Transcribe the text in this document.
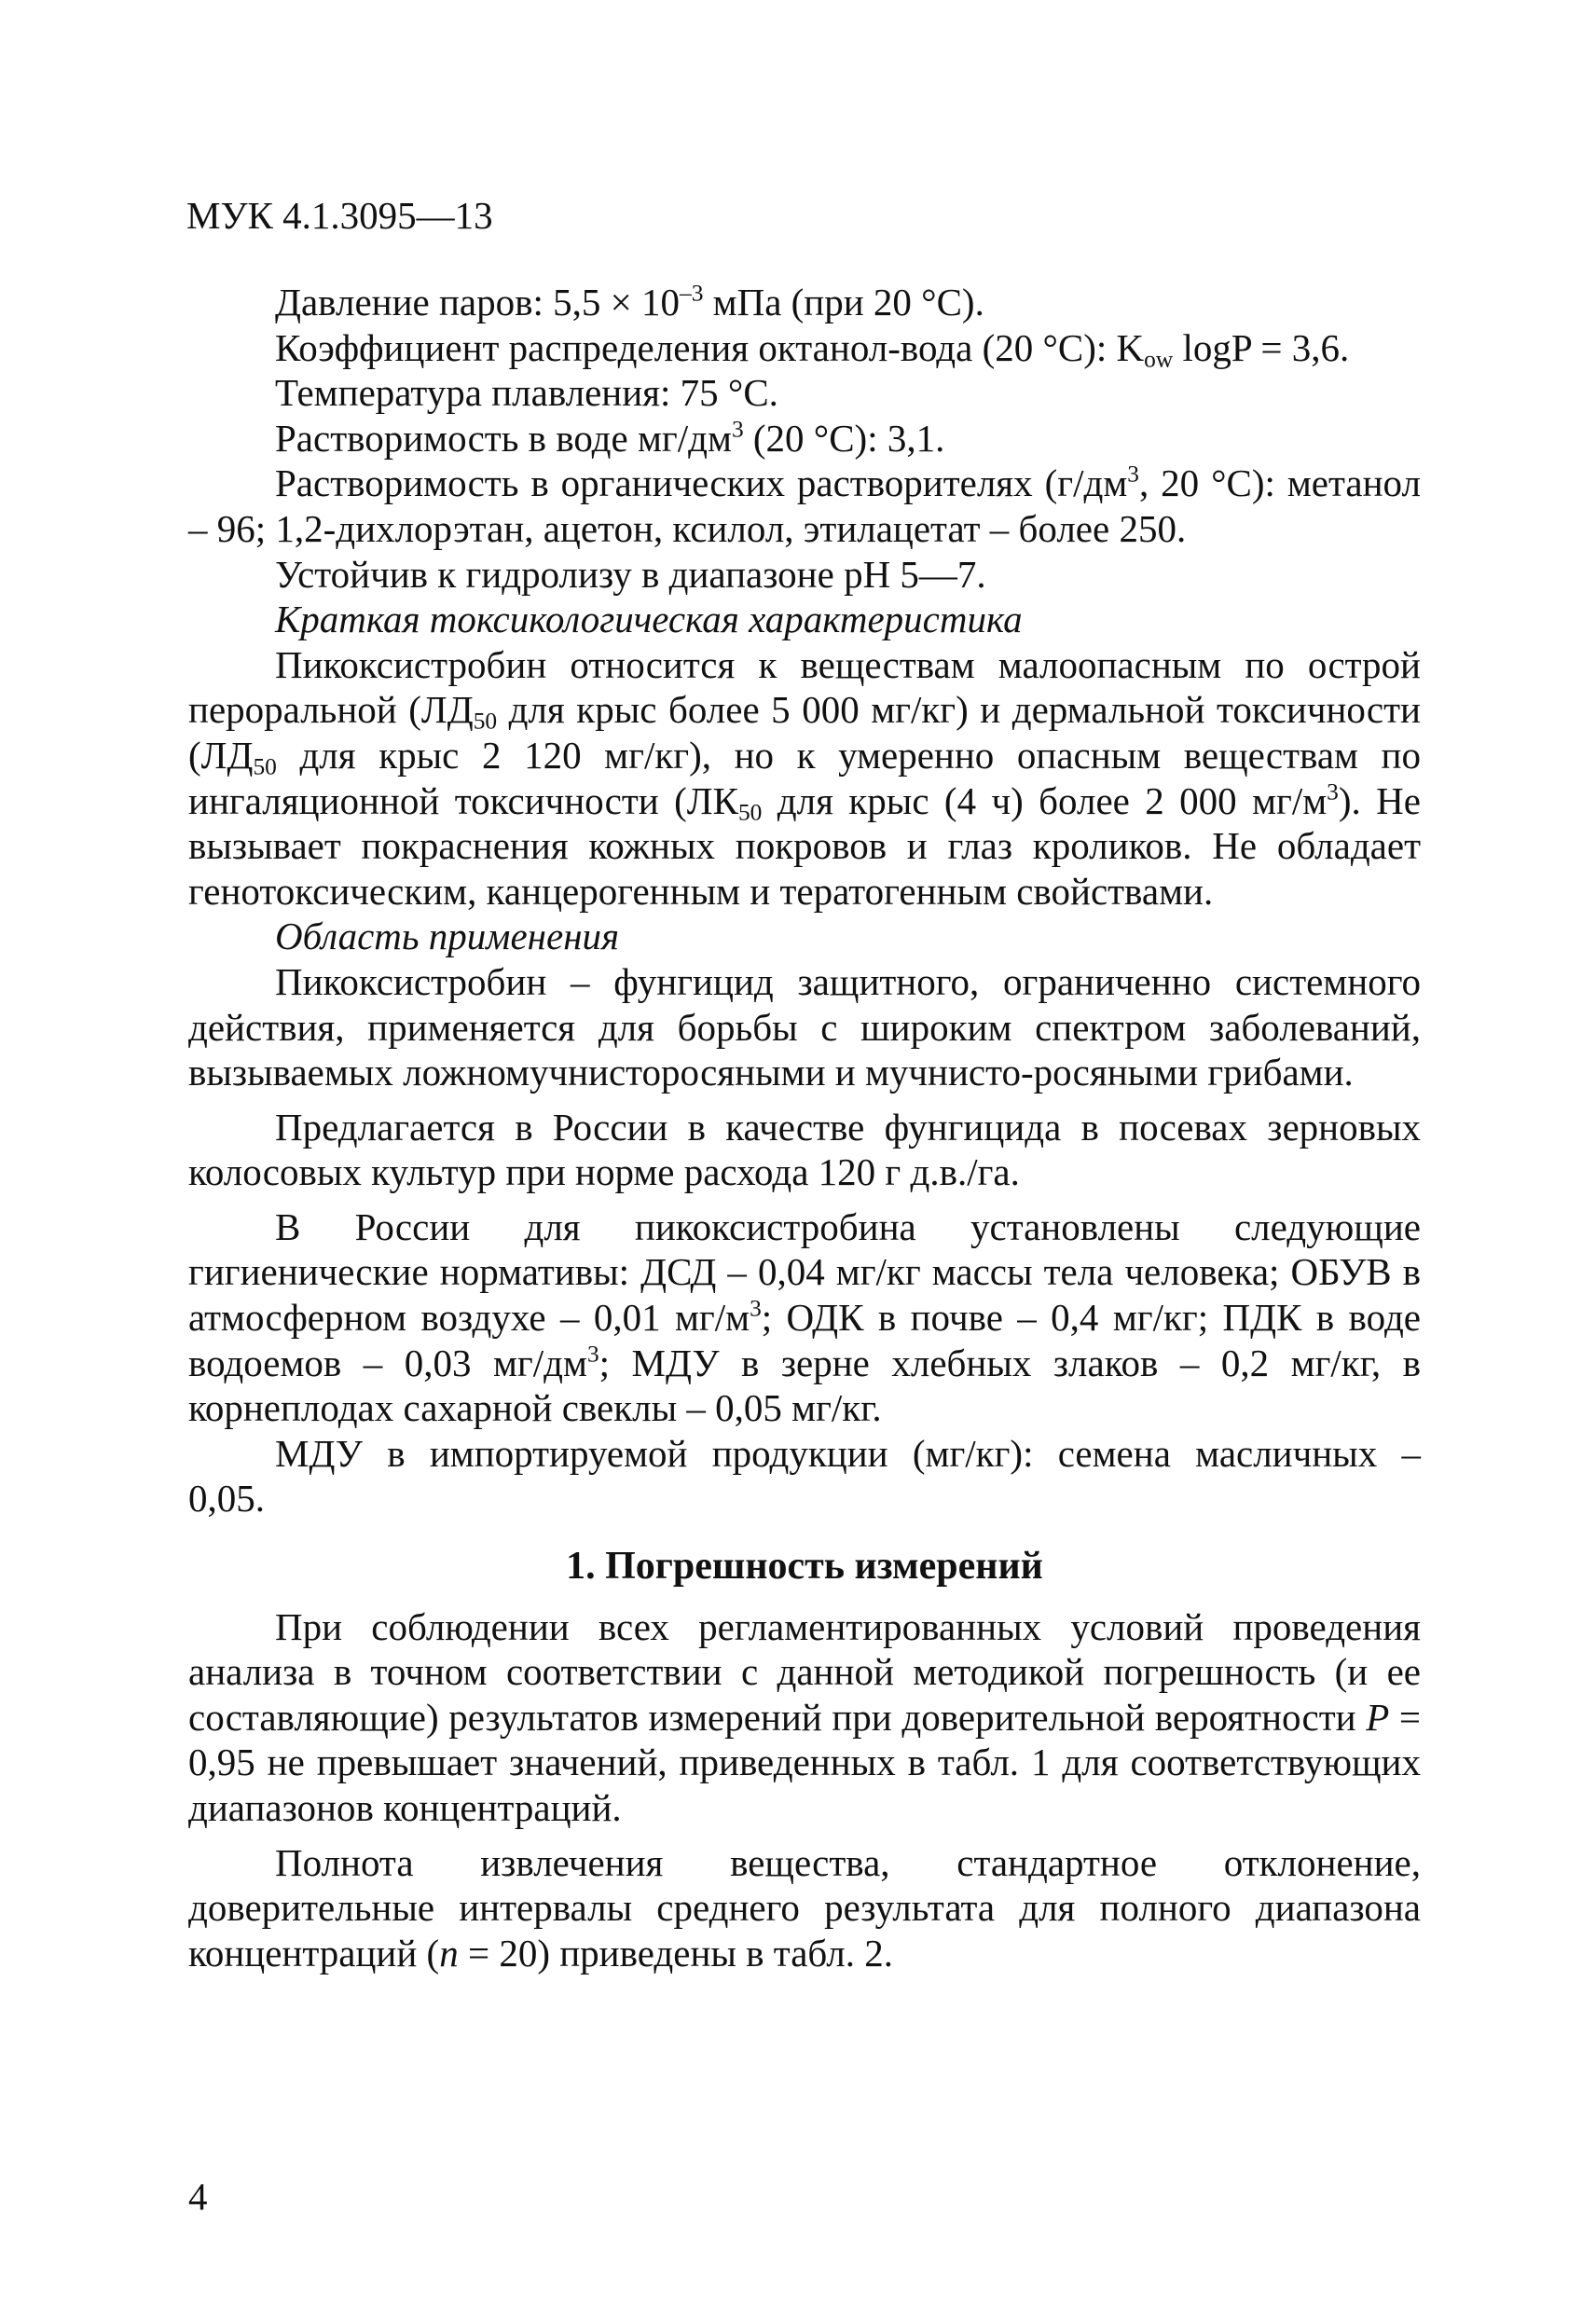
МУК 4.1.3095—13

Давление паров: $5,5 \times 10^{-3}$ мПа (при 20 °С).

Коэффициент распределения октанол-вода (20 °С): $K_{ow}$ logP = 3,6.

Температура плавления: 75 °С.

Растворимость в воде $мг/дм^3$ (20 °С): 3,1.

Растворимость в органических растворителях ($г/дм^3$, 20 °С): метанол – 96; 1,2-дихлорэтан, ацетон, ксилол, этилацетат – более 250.

Устойчив к гидролизу в диапазоне pH 5—7.

Краткая токсикологическая характеристика

Пикоксистробин относится к веществам малоопасным по острой пероральной ($ЛД_{50}$ для крыс более 5 000 мг/кг) и дермальной токсичности ($ЛД_{50}$ для крыс 2 120 мг/кг), но к умеренно опасным веществам по ингаляционной токсичности ($ЛК_{50}$ для крыс (4 ч) более 2 000 $мг/м^3$). Не вызывает покраснения кожных покровов и глаз кроликов. Не обладает генотоксическим, канцерогенным и тератогенным свойствами.

Область применения

Пикоксистробин – фунгицид защитного, ограниченно системного действия, применяется для борьбы с широким спектром заболеваний, вызываемых ложномучнисторосяными и мучнисто-росяными грибами.

Предлагается в России в качестве фунгицида в посевах зерновых колосовых культур при норме расхода 120 г д.в./га.

В России для пикоксистробина установлены следующие гигиенические нормативы: ДСД – 0,04 мг/кг массы тела человека; ОБУВ в атмосферном воздухе – 0,01 $мг/м^3$; ОДК в почве – 0,4 мг/кг; ПДК в воде водоемов – 0,03 $мг/дм^3$; МДУ в зерне хлебных злаков – 0,2 мг/кг, в корнеплодах сахарной свеклы – 0,05 мг/кг.

МДУ в импортируемой продукции (мг/кг): семена масличных –

0,05.

1. Погрешность измерений

При соблюдении всех регламентированных условий проведения анализа в точном соответствии с данной методикой погрешность (и ее составляющие) результатов измерений при доверительной вероятности P = 0,95 не превышает значений, приведенных в табл. 1 для соответствующих диапазонов концентраций.

Полнота извлечения вещества, стандартное отклонение, доверительные интервалы среднего результата для полного диапазона концентраций (n = 20) приведены в табл. 2.

4
